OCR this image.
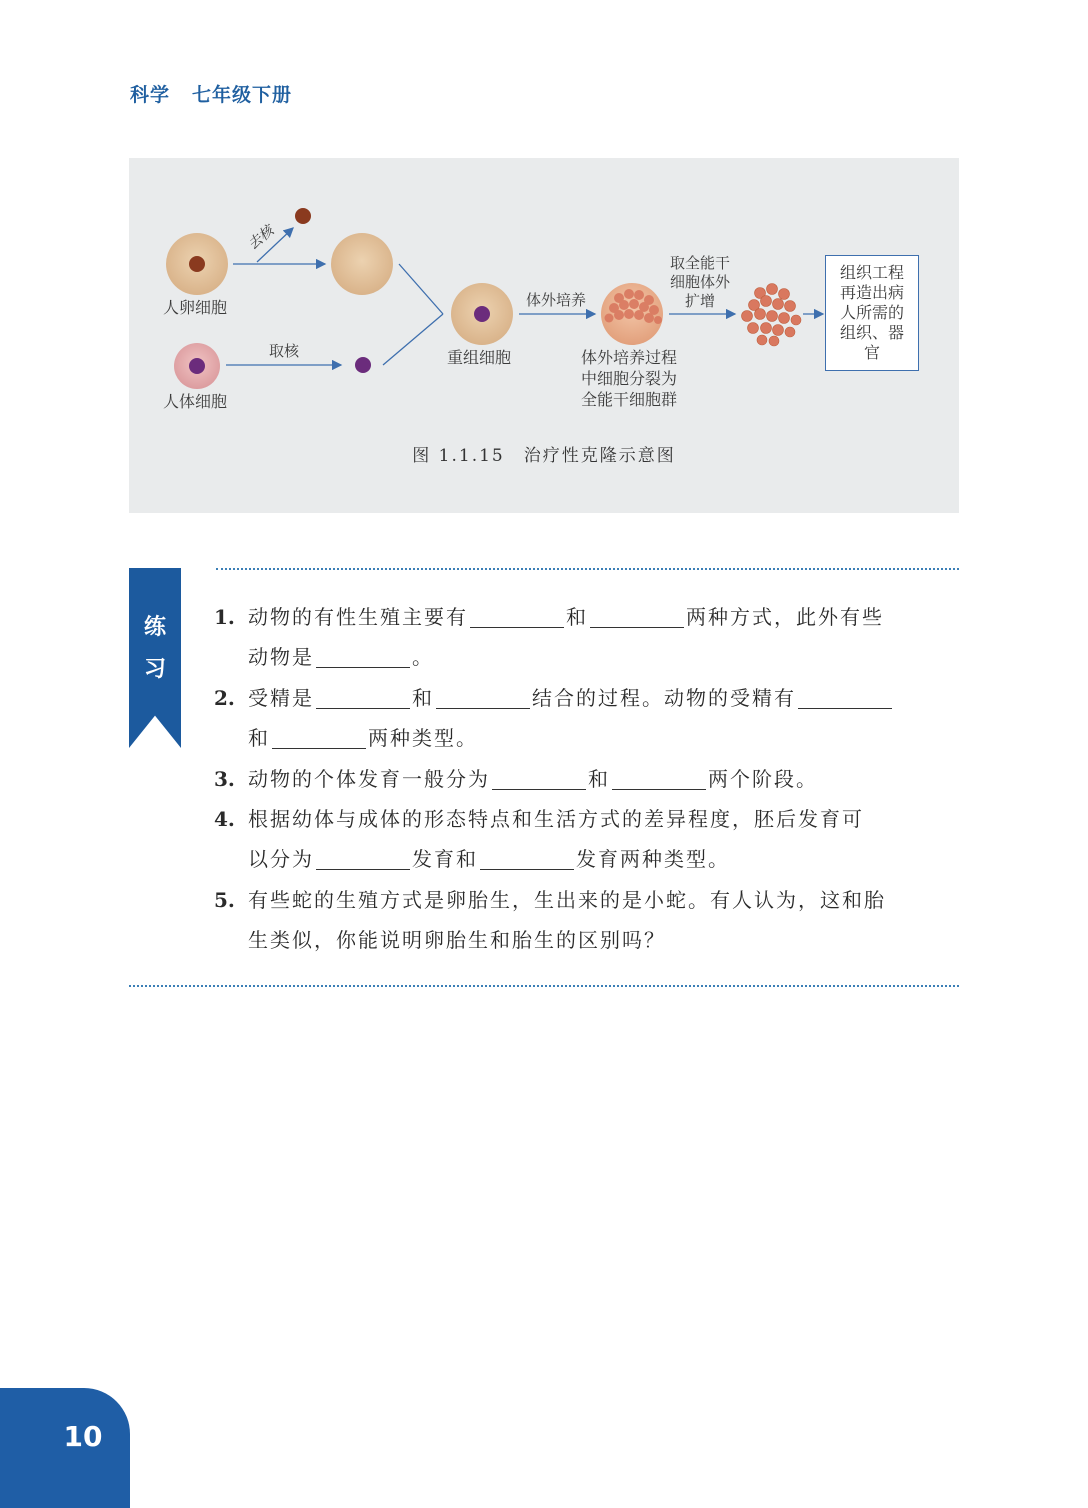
科学 七年级下册
人卵细胞
人体细胞
去核
取核	重组细胞
体外培养
体外培养过程
中细胞分裂为
全能干细胞群
取全能干
细胞体外
扩增
组织工程
再造出病
人所需的
组织、器
官
图 1.1.15　治疗性克隆示意图
练
习
1. 动物的有性生殖主要有	和	两种方式，此外有些
动物是	。
2. 受精是	和	结合的过程。动物的受精有
和	两种类型。
3. 动物的个体发育一般分为	和	两个阶段。
4. 根据幼体与成体的形态特点和生活方式的差异程度，胚后发育可
以分为	发育和	发育两种类型。
5. 有些蛇的生殖方式是卵胎生，生出来的是小蛇。有人认为，这和胎
生类似，你能说明卵胎生和胎生的区别吗？
10
